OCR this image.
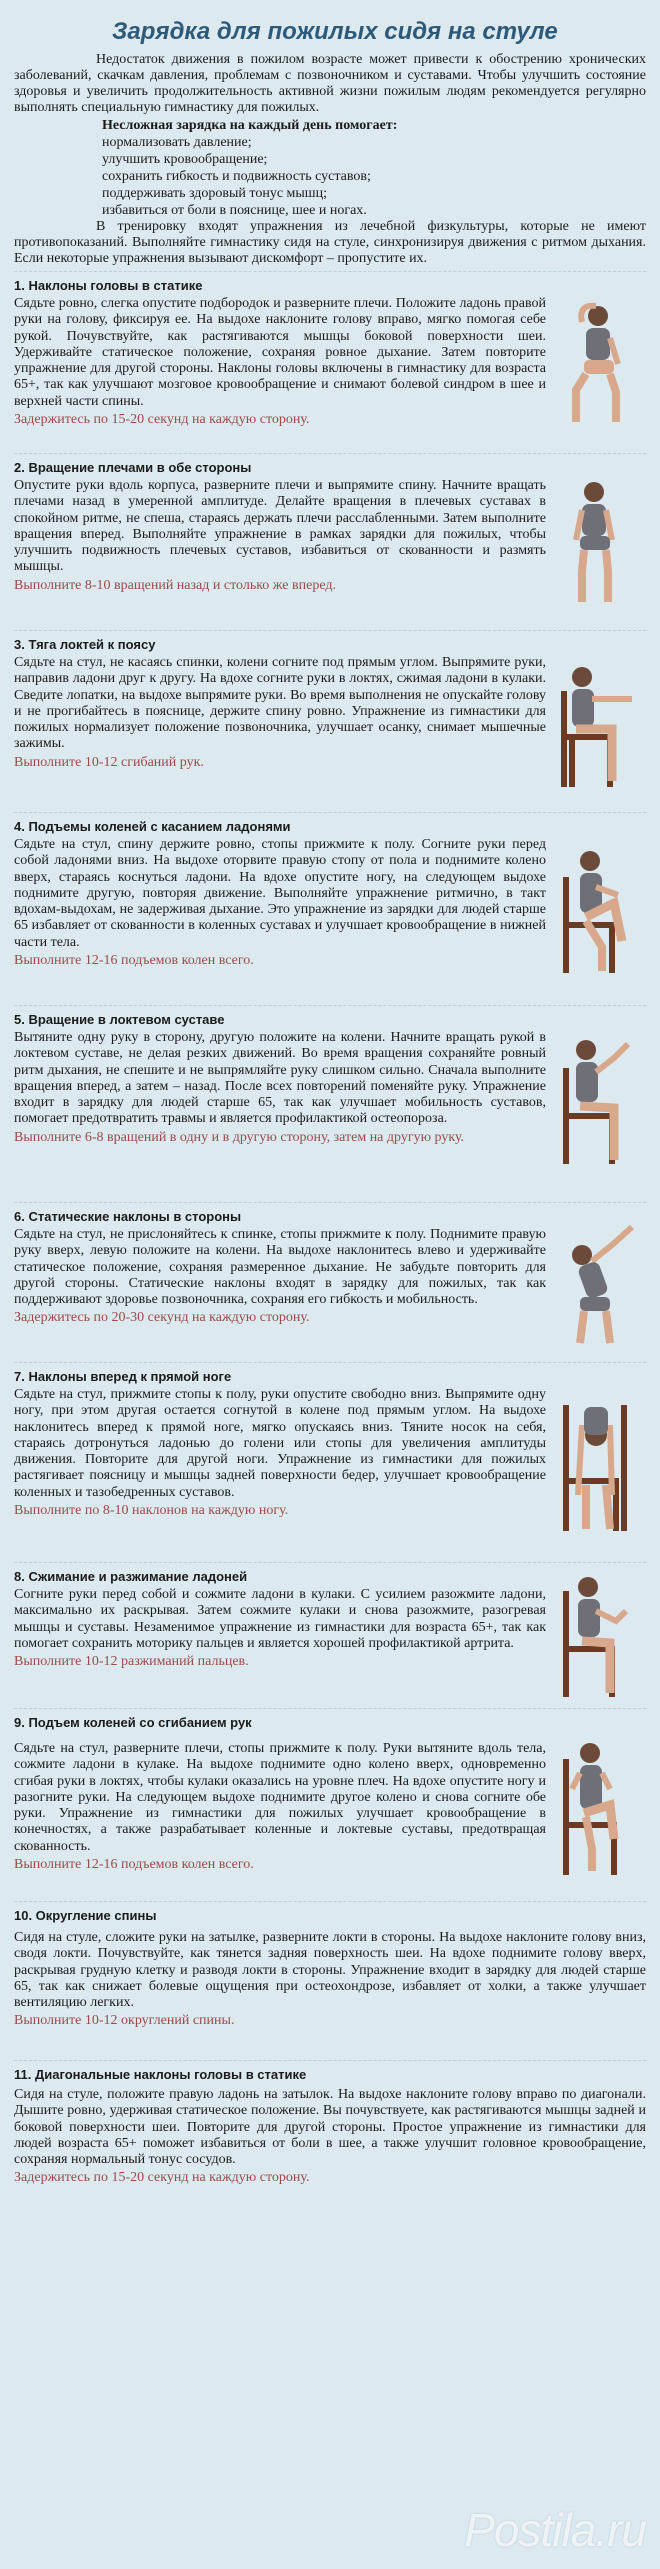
Зарядка для пожилых сидя на стуле

Недостаток движения в пожилом возрасте может привести к обострению хронических заболеваний, скачкам давления, проблемам с позвоночником и суставами. Чтобы улучшить состояние здоровья и увеличить продолжительность активной жизни пожилым людям рекомендуется регулярно выполнять специальную гимнастику для пожилых.

Несложная зарядка на каждый день помогает:
нормализовать давление;
улучшить кровообращение;
сохранить гибкость и подвижность суставов;
поддерживать здоровый тонус мышц;
избавиться от боли в пояснице, шее и ногах.

В тренировку входят упражнения из лечебной физкультуры, которые не имеют противопоказаний. Выполняйте гимнастику сидя на стуле, синхронизируя движения с ритмом дыхания. Если некоторые упражнения вызывают дискомфорт – пропустите их.

1. Наклоны головы в статике
Сядьте ровно, слегка опустите подбородок и разверните плечи. Положите ладонь правой руки на голову, фиксируя ее. На выдохе наклоните голову вправо, мягко помогая себе рукой. Почувствуйте, как растягиваются мышцы боковой поверхности шеи. Удерживайте статическое положение, сохраняя ровное дыхание. Затем повторите упражнение для другой стороны. Наклоны головы включены в гимнастику для возраста 65+, так как улучшают мозговое кровообращение и снимают болевой синдром в шее и верхней части спины.
Задержитесь по 15-20 секунд на каждую сторону.
2. Вращение плечами в обе стороны
Опустите руки вдоль корпуса, разверните плечи и выпрямите спину. Начните вращать плечами назад в умеренной амплитуде. Делайте вращения в плечевых суставах в спокойном ритме, не спеша, стараясь держать плечи расслабленными. Затем выполните вращения вперед. Выполняйте упражнение в рамках зарядки для пожилых, чтобы улучшить подвижность плечевых суставов, избавиться от скованности и размять мышцы.
Выполните 8-10 вращений назад и столько же вперед.
3. Тяга локтей к поясу
Сядьте на стул, не касаясь спинки, колени согните под прямым углом. Выпрямите руки, направив ладони друг к другу. На вдохе согните руки в локтях, сжимая ладони в кулаки. Сведите лопатки, на выдохе выпрямите руки. Во время выполнения не опускайте голову и не прогибайтесь в пояснице, держите спину ровно. Упражнение из гимнастики для пожилых нормализует положение позвоночника, улучшает осанку, снимает мышечные зажимы.
Выполните 10-12 сгибаний рук.
4. Подъемы коленей с касанием ладонями
Сядьте на стул, спину держите ровно, стопы прижмите к полу. Согните руки перед собой ладонями вниз. На выдохе оторвите правую стопу от пола и поднимите колено вверх, стараясь коснуться ладони. На вдохе опустите ногу, на следующем выдохе поднимите другую, повторяя движение. Выполняйте упражнение ритмично, в такт вдохам-выдохам, не задерживая дыхание. Это упражнение из зарядки для людей старше 65 избавляет от скованности в коленных суставах и улучшает кровообращение в нижней части тела.
Выполните 12-16 подъемов колен всего.
5. Вращение в локтевом суставе
Вытяните одну руку в сторону, другую положите на колени. Начните вращать рукой в локтевом суставе, не делая резких движений. Во время вращения сохраняйте ровный ритм дыхания, не спешите и не выпрямляйте руку слишком сильно. Сначала выполните вращения вперед, а затем – назад. После всех повторений поменяйте руку. Упражнение входит в зарядку для людей старше 65, так как улучшает мобильность суставов, помогает предотвратить травмы и является профилактикой остеопороза.
Выполните 6-8 вращений в одну и в другую сторону, затем на другую руку.
6. Статические наклоны в стороны
Сядьте на стул, не прислоняйтесь к спинке, стопы прижмите к полу. Поднимите правую руку вверх, левую положите на колени. На выдохе наклонитесь влево и удерживайте статическое положение, сохраняя размеренное дыхание. Не забудьте повторить для другой стороны. Статические наклоны входят в зарядку для пожилых, так как поддерживают здоровье позвоночника, сохраняя его гибкость и мобильность.
Задержитесь по 20-30 секунд на каждую сторону.
7. Наклоны вперед к прямой ноге
Сядьте на стул, прижмите стопы к полу, руки опустите свободно вниз. Выпрямите одну ногу, при этом другая остается согнутой в колене под прямым углом. На выдохе наклонитесь вперед к прямой ноге, мягко опускаясь вниз. Тяните носок на себя, стараясь дотронуться ладонью до голени или стопы для увеличения амплитуды движения. Повторите для другой ноги. Упражнение из гимнастики для пожилых растягивает поясницу и мышцы задней поверхности бедер, улучшает кровообращение коленных и тазобедренных суставов.
Выполните по 8-10 наклонов на каждую ногу.
8. Сжимание и разжимание ладоней
Согните руки перед собой и сожмите ладони в кулаки. С усилием разожмите ладони, максимально их раскрывая. Затем сожмите кулаки и снова разожмите, разогревая мышцы и суставы. Незаменимое упражнение из гимнастики для возраста 65+, так как помогает сохранить моторику пальцев и является хорошей профилактикой артрита.
Выполните 10-12 разжиманий пальцев.
9. Подъем коленей со сгибанием рук
Сядьте на стул, разверните плечи, стопы прижмите к полу. Руки вытяните вдоль тела, сожмите ладони в кулаке. На выдохе поднимите одно колено вверх, одновременно сгибая руки в локтях, чтобы кулаки оказались на уровне плеч. На вдохе опустите ногу и разогните руки. На следующем выдохе поднимите другое колено и снова согните обе руки. Упражнение из гимнастики для пожилых улучшает кровообращение в конечностях, а также разрабатывает коленные и локтевые суставы, предотвращая скованность.
Выполните 12-16 подъемов колен всего.
10. Округление спины
Сидя на стуле, сложите руки на затылке, разверните локти в стороны. На выдохе наклоните голову вниз, сводя локти. Почувствуйте, как тянется задняя поверхность шеи. На вдохе поднимите голову вверх, раскрывая грудную клетку и разводя локти в стороны. Упражнение входит в зарядку для людей старше 65, так как снижает болевые ощущения при остеохондрозе, избавляет от холки, а также улучшает вентиляцию легких.
Выполните 10-12 округлений спины.
11. Диагональные наклоны головы в статике
Сидя на стуле, положите правую ладонь на затылок. На выдохе наклоните голову вправо по диагонали. Дышите ровно, удерживая статическое положение. Вы почувствуете, как растягиваются мышцы задней и боковой поверхности шеи. Повторите для другой стороны. Простое упражнение из гимнастики для людей возраста 65+ поможет избавиться от боли в шее, а также улучшит головное кровообращение, сохраняя нормальный тонус сосудов.
Задержитесь по 15-20 секунд на каждую сторону.
Postila.ru
